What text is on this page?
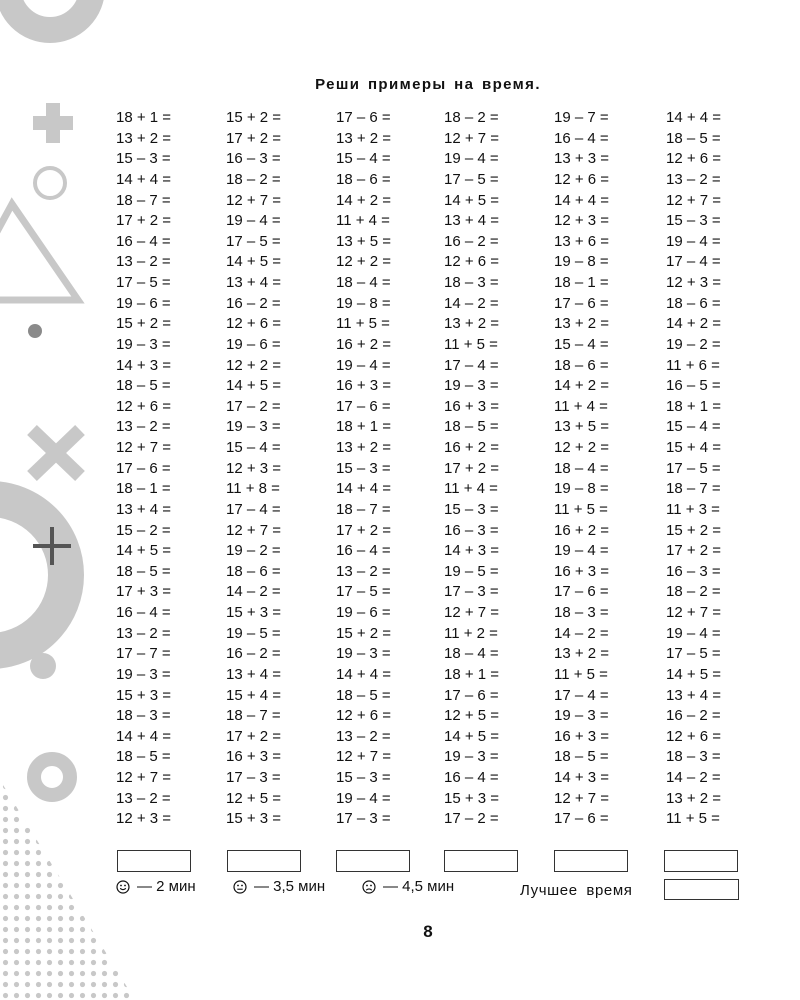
Реши примеры на время.
18 + 1 =	15 + 2 =	17 – 6 =	18 – 2 =	19 – 7 =	14 + 4 =
13 + 2 =	17 + 2 =	13 + 2 =	12 + 7 =	16 – 4 =	18 – 5 =
15 – 3 =	16 – 3 =	15 – 4 =	19 – 4 =	13 + 3 =	12 + 6 =
14 + 4 =	18 – 2 =	18 – 6 =	17 – 5 =	12 + 6 =	13 – 2 =
18 – 7 =	12 + 7 =	14 + 2 =	14 + 5 =	14 + 4 =	12 + 7 =
17 + 2 =	19 – 4 =	11 + 4 =	13 + 4 =	12 + 3 =	15 – 3 =
16 – 4 =	17 – 5 =	13 + 5 =	16 – 2 =	13 + 6 =	19 – 4 =
13 – 2 =	14 + 5 =	12 + 2 =	12 + 6 =	19 – 8 =	17 – 4 =
17 – 5 =	13 + 4 =	18 – 4 =	18 – 3 =	18 – 1 =	12 + 3 =
19 – 6 =	16 – 2 =	19 – 8 =	14 – 2 =	17 – 6 =	18 – 6 =
15 + 2 =	12 + 6 =	11 + 5 =	13 + 2 =	13 + 2 =	14 + 2 =
19 – 3 =	19 – 6 =	16 + 2 =	11 + 5 =	15 – 4 =	19 – 2 =
14 + 3 =	12 + 2 =	19 – 4 =	17 – 4 =	18 – 6 =	11 + 6 =
18 – 5 =	14 + 5 =	16 + 3 =	19 – 3 =	14 + 2 =	16 – 5 =
12 + 6 =	17 – 2 =	17 – 6 =	16 + 3 =	11 + 4 =	18 + 1 =
13 – 2 =	19 – 3 =	18 + 1 =	18 – 5 =	13 + 5 =	15 – 4 =
12 + 7 =	15 – 4 =	13 + 2 =	16 + 2 =	12 + 2 =	15 + 4 =
17 – 6 =	12 + 3 =	15 – 3 =	17 + 2 =	18 – 4 =	17 – 5 =
18 – 1 =	11 + 8 =	14 + 4 =	11 + 4 =	19 – 8 =	18 – 7 =
13 + 4 =	17 – 4 =	18 – 7 =	15 – 3 =	11 + 5 =	11 + 3 =
15 – 2 =	12 + 7 =	17 + 2 =	16 – 3 =	16 + 2 =	15 + 2 =
14 + 5 =	19 – 2 =	16 – 4 =	14 + 3 =	19 – 4 =	17 + 2 =
18 – 5 =	18 – 6 =	13 – 2 =	19 – 5 =	16 + 3 =	16 – 3 =
17 + 3 =	14 – 2 =	17 – 5 =	17 – 3 =	17 – 6 =	18 – 2 =
16 – 4 =	15 + 3 =	19 – 6 =	12 + 7 =	18 – 3 =	12 + 7 =
13 – 2 =	19 – 5 =	15 + 2 =	11 + 2 =	14 – 2 =	19 – 4 =
17 – 7 =	16 – 2 =	19 – 3 =	18 – 4 =	13 + 2 =	17 – 5 =
19 – 3 =	13 + 4 =	14 + 4 =	18 + 1 =	11 + 5 =	14 + 5 =
15 + 3 =	15 + 4 =	18 – 5 =	17 – 6 =	17 – 4 =	13 + 4 =
18 – 3 =	18 – 7 =	12 + 6 =	12 + 5 =	19 – 3 =	16 – 2 =
14 + 4 =	17 + 2 =	13 – 2 =	14 + 5 =	16 + 3 =	12 + 6 =
18 – 5 =	16 + 3 =	12 + 7 =	19 – 3 =	18 – 5 =	18 – 3 =
12 + 7 =	17 – 3 =	15 – 3 =	16 – 4 =	14 + 3 =	14 – 2 =
13 – 2 =	12 + 5 =	19 – 4 =	15 + 3 =	12 + 7 =	13 + 2 =
12 + 3 =	15 + 3 =	17 – 3 =	17 – 2 =	17 – 6 =	11 + 5 =
— 2 мин	— 3,5 мин	— 4,5 мин	Лучшее время
8
